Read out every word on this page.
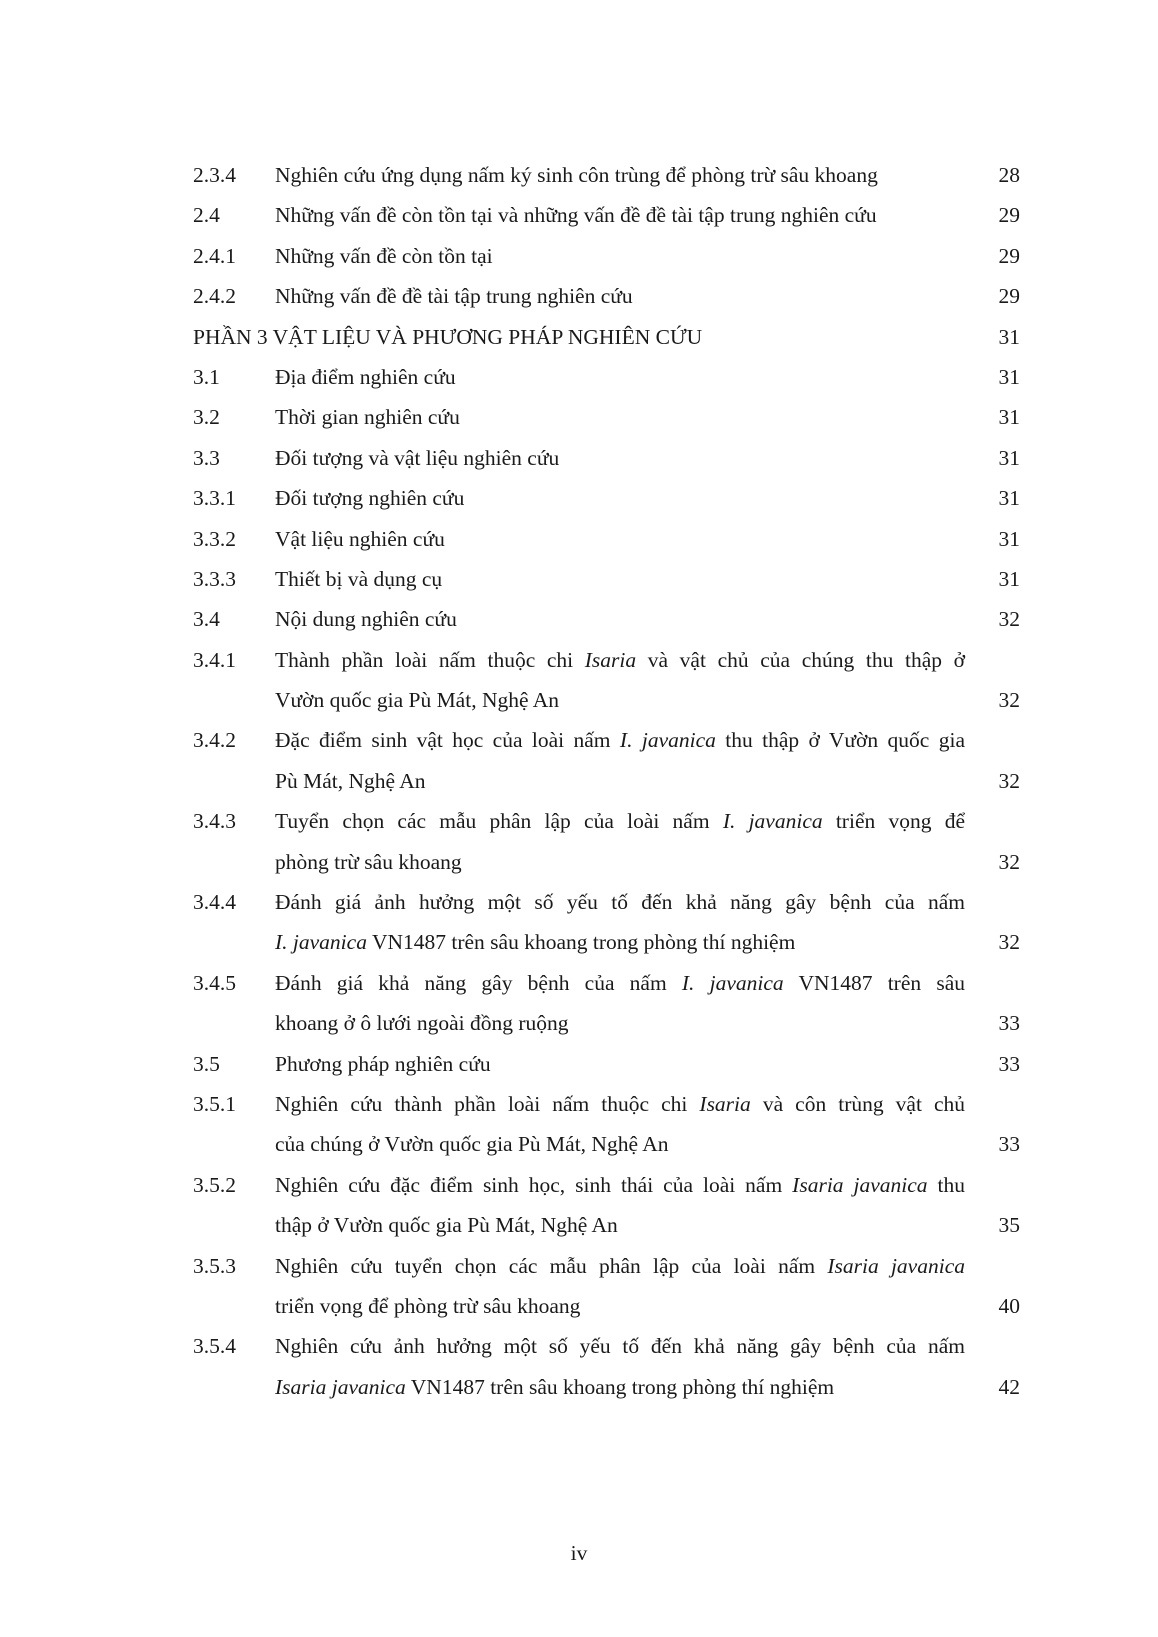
2.3.4 Nghiên cứu ứng dụng nấm ký sinh côn trùng để phòng trừ sâu khoang	28
2.4	Những vấn đề còn tồn tại và những vấn đề đề tài tập trung nghiên cứu	29
2.4.1 Những vấn đề còn tồn tại	29
2.4.2 Những vấn đề đề tài tập trung nghiên cứu	29
PHẦN 3 VẬT LIỆU VÀ PHƯƠNG PHÁP NGHIÊN CỨU	31
3.1	Địa điểm nghiên cứu	31
3.2	Thời gian nghiên cứu	31
3.3	Đối tượng và vật liệu nghiên cứu	31
3.3.1 Đối tượng nghiên cứu	31
3.3.2 Vật liệu nghiên cứu	31
3.3.3 Thiết bị và dụng cụ	31
3.4	Nội dung nghiên cứu	32
3.4.1 Thành phần loài nấm thuộc chi Isaria và vật chủ của chúng thu thập ở
Vườn quốc gia Pù Mát, Nghệ An	32
3.4.2 Đặc điểm sinh vật học của loài nấm I. javanica thu thập ở Vườn quốc gia
Pù Mát, Nghệ An	32
3.4.3 Tuyển chọn các mẫu phân lập của loài nấm I. javanica triển vọng để
phòng trừ sâu khoang	32
3.4.4 Đánh giá ảnh hưởng một số yếu tố đến khả năng gây bệnh của nấm
I. javanica VN1487 trên sâu khoang trong phòng thí nghiệm	32
3.4.5 Đánh giá khả năng gây bệnh của nấm I. javanica VN1487 trên sâu
khoang ở ô lưới ngoài đồng ruộng	33
3.5	Phương pháp nghiên cứu	33
3.5.1 Nghiên cứu thành phần loài nấm thuộc chi Isaria và côn trùng vật chủ
của chúng ở Vườn quốc gia Pù Mát, Nghệ An	33
3.5.2 Nghiên cứu đặc điểm sinh học, sinh thái của loài nấm Isaria javanica thu
thập ở Vườn quốc gia Pù Mát, Nghệ An	35
3.5.3 Nghiên cứu tuyển chọn các mẫu phân lập của loài nấm Isaria javanica
triển vọng để phòng trừ sâu khoang	40
3.5.4 Nghiên cứu ảnh hưởng một số yếu tố đến khả năng gây bệnh của nấm
Isaria javanica VN1487 trên sâu khoang trong phòng thí nghiệm	42
iv
